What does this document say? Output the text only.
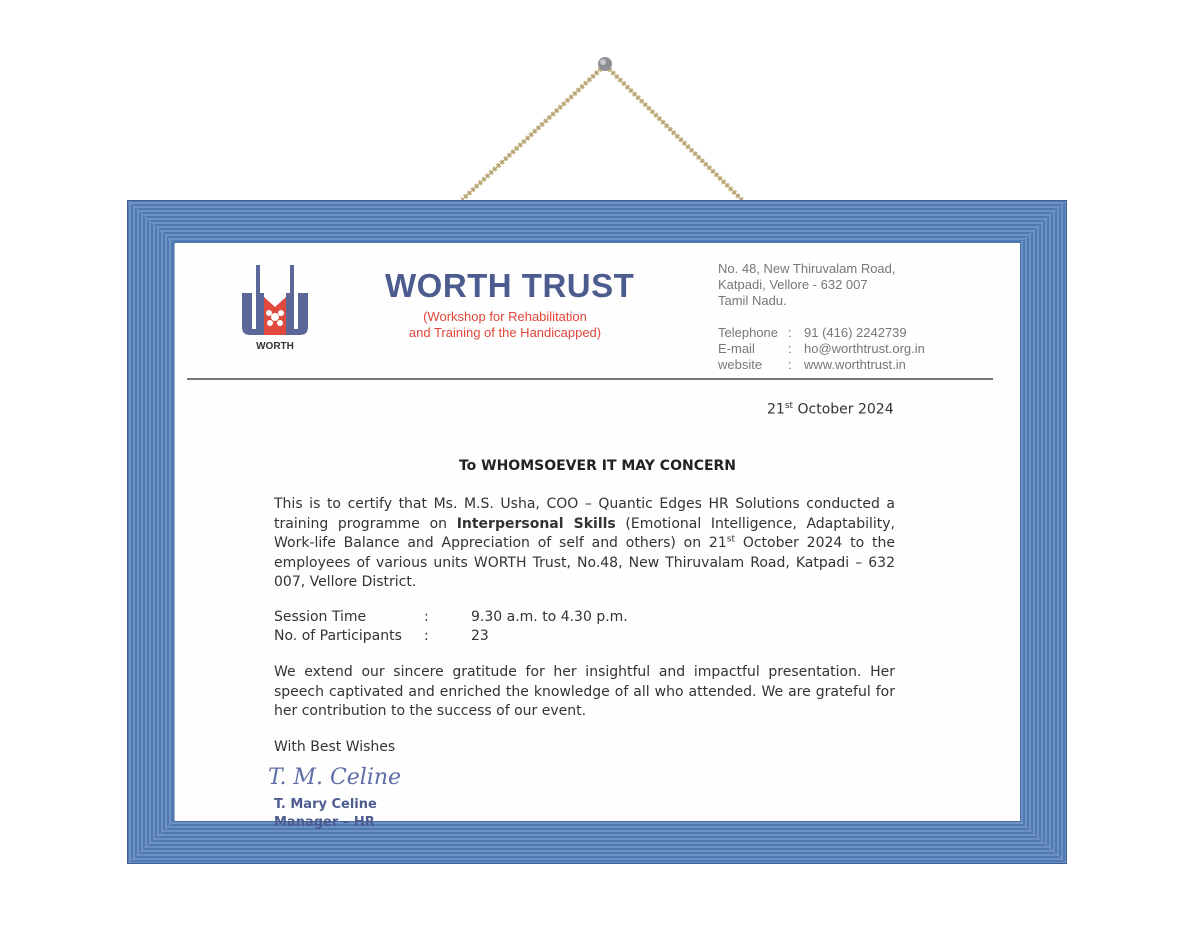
WORTH
WORTH TRUST
(Workshop for Rehabilitation
and Training of the Handicapped)
No. 48, New Thiruvalam Road,
Katpadi, Vellore - 632 007
Tamil Nadu.
Telephone : 91 (416) 2242739
E-mail	: ho@worthtrust.org.in
website	: www.worthtrust.in
21st October 2024
To WHOMSOEVER IT MAY CONCERN
This is to certify that Ms. M.S. Usha, COO – Quantic Edges HR Solutions conducted a training programme on Interpersonal Skills (Emotional Intelligence, Adaptability, Work-life Balance and Appreciation of self and others) on 21st October 2024 to the employees of various units WORTH Trust, No.48, New Thiruvalam Road, Katpadi – 632 007, Vellore District.
Session Time	:	9.30 a.m. to 4.30 p.m.
No. of Participants	:	23
We extend our sincere gratitude for her insightful and impactful presentation. Her speech captivated and enriched the knowledge of all who attended. We are grateful for her contribution to the success of our event.
With Best Wishes
T. M. Celine
T. Mary Celine
Manager – HR
